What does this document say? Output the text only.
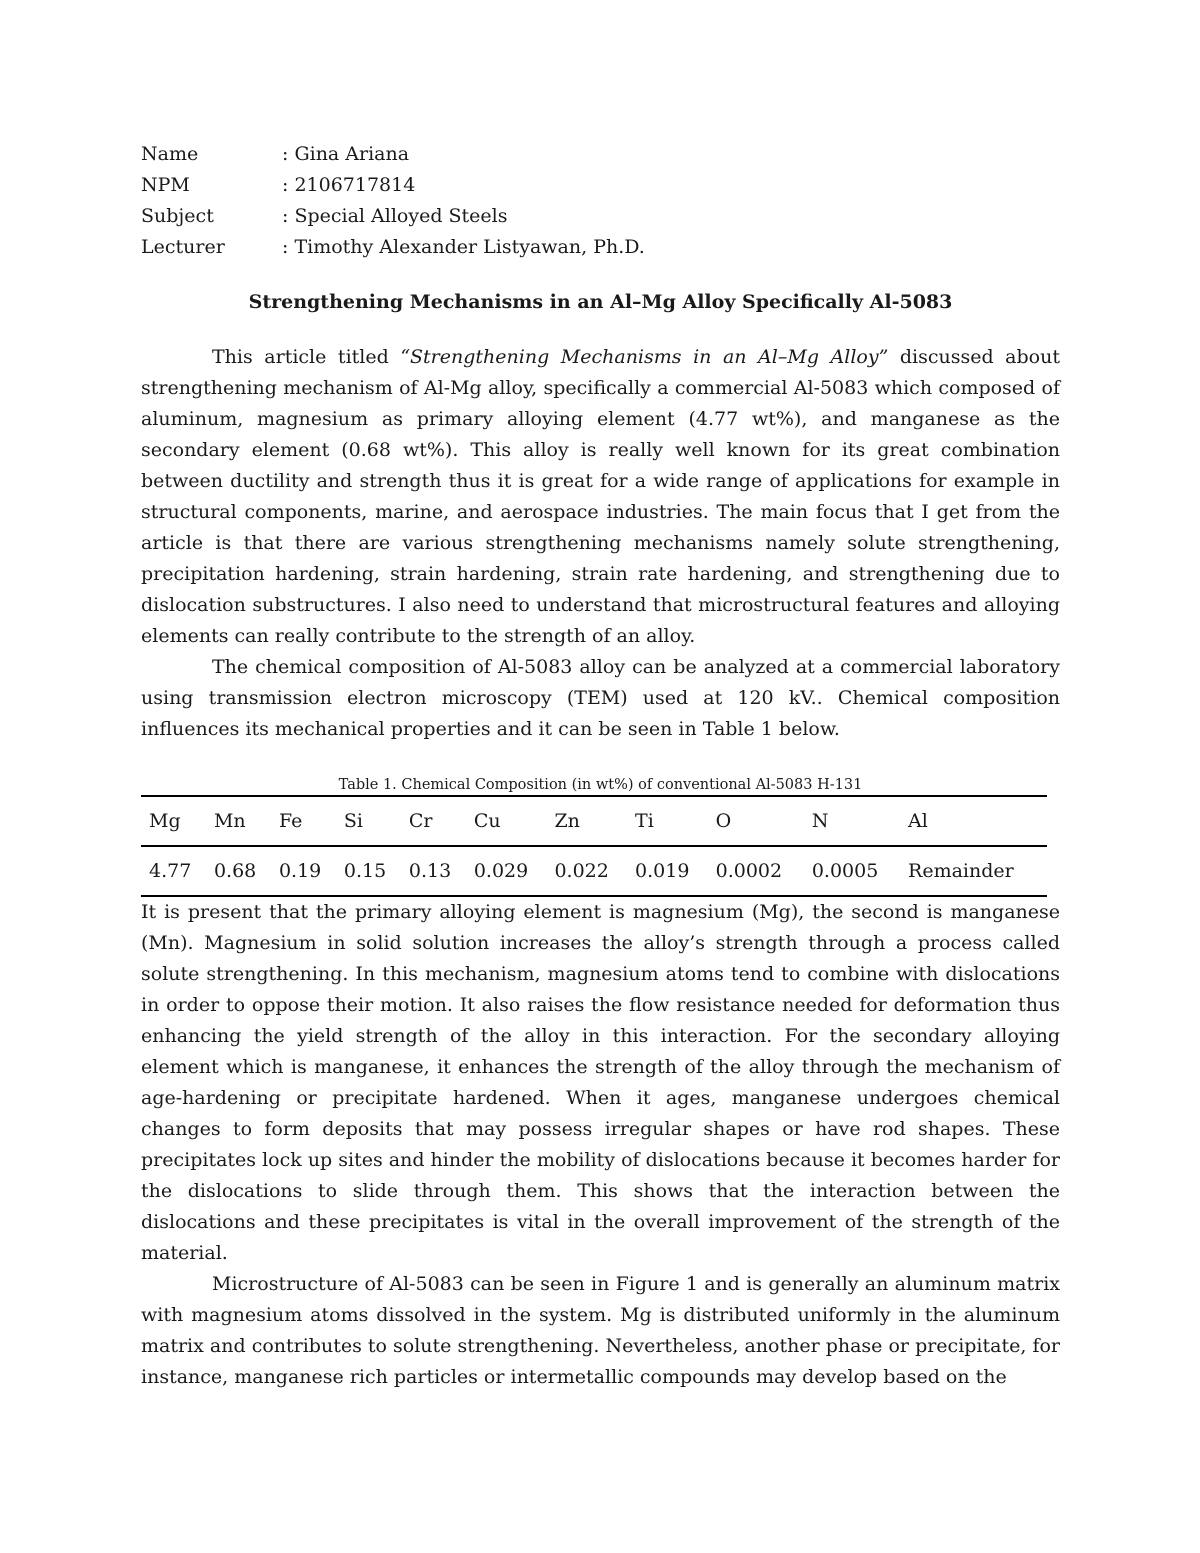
Name	: Gina Ariana
NPM	: 2106717814
Subject	: Special Alloyed Steels
Lecturer	: Timothy Alexander Listyawan, Ph.D.
Strengthening Mechanisms in an Al–Mg Alloy Specifically Al-5083

This article titled “Strengthening Mechanisms in an Al–Mg Alloy” discussed about strengthening mechanism of Al-Mg alloy, specifically a commercial Al-5083 which composed of aluminum, magnesium as primary alloying element (4.77 wt%), and manganese as the secondary element (0.68 wt%). This alloy is really well known for its great combination between ductility and strength thus it is great for a wide range of applications for example in structural components, marine, and aerospace industries. The main focus that I get from the article is that there are various strengthening mechanisms namely solute strengthening, precipitation hardening, strain hardening, strain rate hardening, and strengthening due to dislocation substructures. I also need to understand that microstructural features and alloying elements can really contribute to the strength of an alloy.

The chemical composition of Al-5083 alloy can be analyzed at a commercial laboratory using transmission electron microscopy (TEM) used at 120 kV.. Chemical composition influences its mechanical properties and it can be seen in Table 1 below.

Table 1. Chemical Composition (in wt%) of conventional Al-5083 H-131
Mg	Mn	Fe	Si	Cr	Cu	Zn	Ti	O	N	Al
4.77	0.68	0.19	0.15	0.13	0.029	0.022	0.019	0.0002	0.0005	Remainder

It is present that the primary alloying element is magnesium (Mg), the second is manganese (Mn). Magnesium in solid solution increases the alloy’s strength through a process called solute strengthening. In this mechanism, magnesium atoms tend to combine with dislocations in order to oppose their motion. It also raises the flow resistance needed for deformation thus enhancing the yield strength of the alloy in this interaction. For the secondary alloying element which is manganese, it enhances the strength of the alloy through the mechanism of age-hardening or precipitate hardened. When it ages, manganese undergoes chemical changes to form deposits that may possess irregular shapes or have rod shapes. These precipitates lock up sites and hinder the mobility of dislocations because it becomes harder for the dislocations to slide through them. This shows that the interaction between the dislocations and these precipitates is vital in the overall improvement of the strength of the material.

Microstructure of Al-5083 can be seen in Figure 1 and is generally an aluminum matrix with magnesium atoms dissolved in the system. Mg is distributed uniformly in the aluminum matrix and contributes to solute strengthening. Nevertheless, another phase or precipitate, for instance, manganese rich particles or intermetallic compounds may develop based on the
